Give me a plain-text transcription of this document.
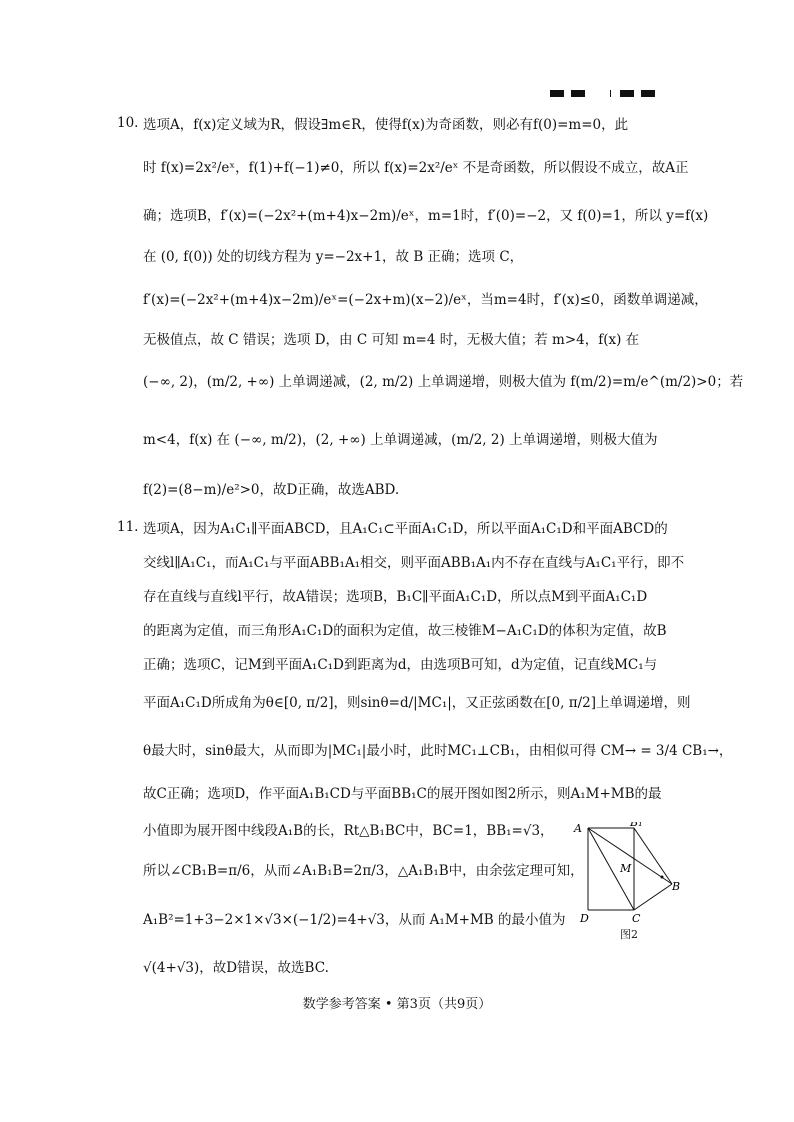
10. 选项A，f(x)定义域为R，假设∃m∈R，使得f(x)为奇函数，则必有f(0)=m=0，此
时 f(x)=2x²/eˣ，f(1)+f(−1)≠0，所以 f(x)=2x²/eˣ 不是奇函数，所以假设不成立，故A正
确；选项B，f′(x)=(−2x²+(m+4)x−2m)/eˣ，m=1时，f′(0)=−2，又 f(0)=1，所以 y=f(x)
在 (0, f(0)) 处的切线方程为 y=−2x+1，故 B 正确；选项 C，
f′(x)=(−2x²+(m+4)x−2m)/eˣ=(−2x+m)(x−2)/eˣ，当m=4时，f′(x)≤0，函数单调递减，
无极值点，故 C 错误；选项 D，由 C 可知 m=4 时，无极大值；若 m>4，f(x) 在
(−∞, 2)，(m/2, +∞) 上单调递减，(2, m/2) 上单调递增，则极大值为 f(m/2)=m/e^(m/2)>0；若
m<4，f(x) 在 (−∞, m/2)，(2, +∞) 上单调递减，(m/2, 2) 上单调递增，则极大值为
f(2)=(8−m)/e²>0，故D正确，故选ABD.
11. 选项A，因为A₁C₁∥平面ABCD，且A₁C₁⊂平面A₁C₁D，所以平面A₁C₁D和平面ABCD的
交线l∥A₁C₁，而A₁C₁与平面ABB₁A₁相交，则平面ABB₁A₁内不存在直线与A₁C₁平行，即不
存在直线与直线l平行，故A错误；选项B，B₁C∥平面A₁C₁D，所以点M到平面A₁C₁D
的距离为定值，而三角形A₁C₁D的面积为定值，故三棱锥M−A₁C₁D的体积为定值，故B
正确；选项C，记M到平面A₁C₁D到距离为d，由选项B可知，d为定值，记直线MC₁与
平面A₁C₁D所成角为θ∈[0, π/2]，则sinθ=d/|MC₁|，又正弦函数在[0, π/2]上单调递增，则
θ最大时，sinθ最大，从而即为|MC₁|最小时，此时MC₁⊥CB₁，由相似可得 CM→ = 3/4 CB₁→，
故C正确；选项D，作平面A₁B₁CD与平面BB₁C的展开图如图2所示，则A₁M+MB的最
小值即为展开图中线段A₁B的长，Rt△B₁BC中，BC=1，BB₁=√3，
所以∠CB₁B=π/6，从而∠A₁B₁B=2π/3，△A₁B₁B中，由余弦定理可知，
A₁B²=1+3−2×1×√3×(−1/2)=4+√3，从而 A₁M+MB 的最小值为
√(4+√3)，故D错误，故选BC.
A	B₁
M
B
D	C
图2
数学参考答案 • 第3页（共9页）
